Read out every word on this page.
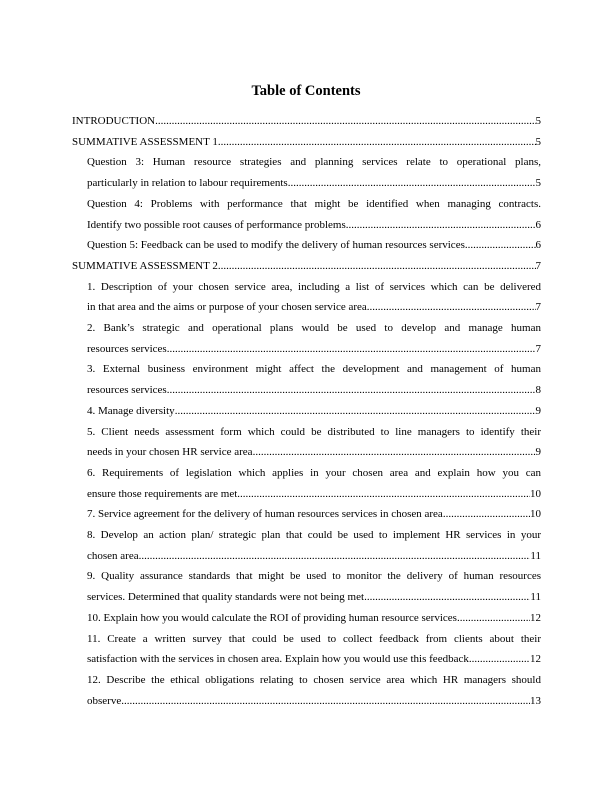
Table of Contents
INTRODUCTION .....	5
SUMMATIVE ASSESSMENT 1 .....	5
Question 3: Human resource strategies and planning services relate to operational plans,
particularly in relation to labour requirements .....	5
Question 4: Problems with performance that might be identified when managing contracts.
Identify two possible root causes of performance problems .....	6
Question 5: Feedback can be used to modify the delivery of human resources services .....	6
SUMMATIVE ASSESSMENT 2 .....	7
1. Description of your chosen service area, including a list of services which can be delivered
in that area and the aims or purpose of your chosen service area .....	7
2. Bank’s strategic and operational plans would be used to develop and manage human
resources services .....	7
3. External business environment might affect the development and management of human
resources services .....	8
4. Manage diversity .....	9
5. Client needs assessment form which could be distributed to line managers to identify their
needs in your chosen HR service area .....	9
6. Requirements of legislation which applies in your chosen area and explain how you can
ensure those requirements are met .....	10
7. Service agreement for the delivery of human resources services in chosen area .....	10
8. Develop an action plan/ strategic plan that could be used to implement HR services in your
chosen area .....	11
9. Quality assurance standards that might be used to monitor the delivery of human resources
services. Determined that quality standards were not being met .....	11
10. Explain how you would calculate the ROI of providing human resource services .....	12
11. Create a written survey that could be used to collect feedback from clients about their
satisfaction with the services in chosen area. Explain how you would use this feedback .....	12
12. Describe the ethical obligations relating to chosen service area which HR managers should
observe .....	13
